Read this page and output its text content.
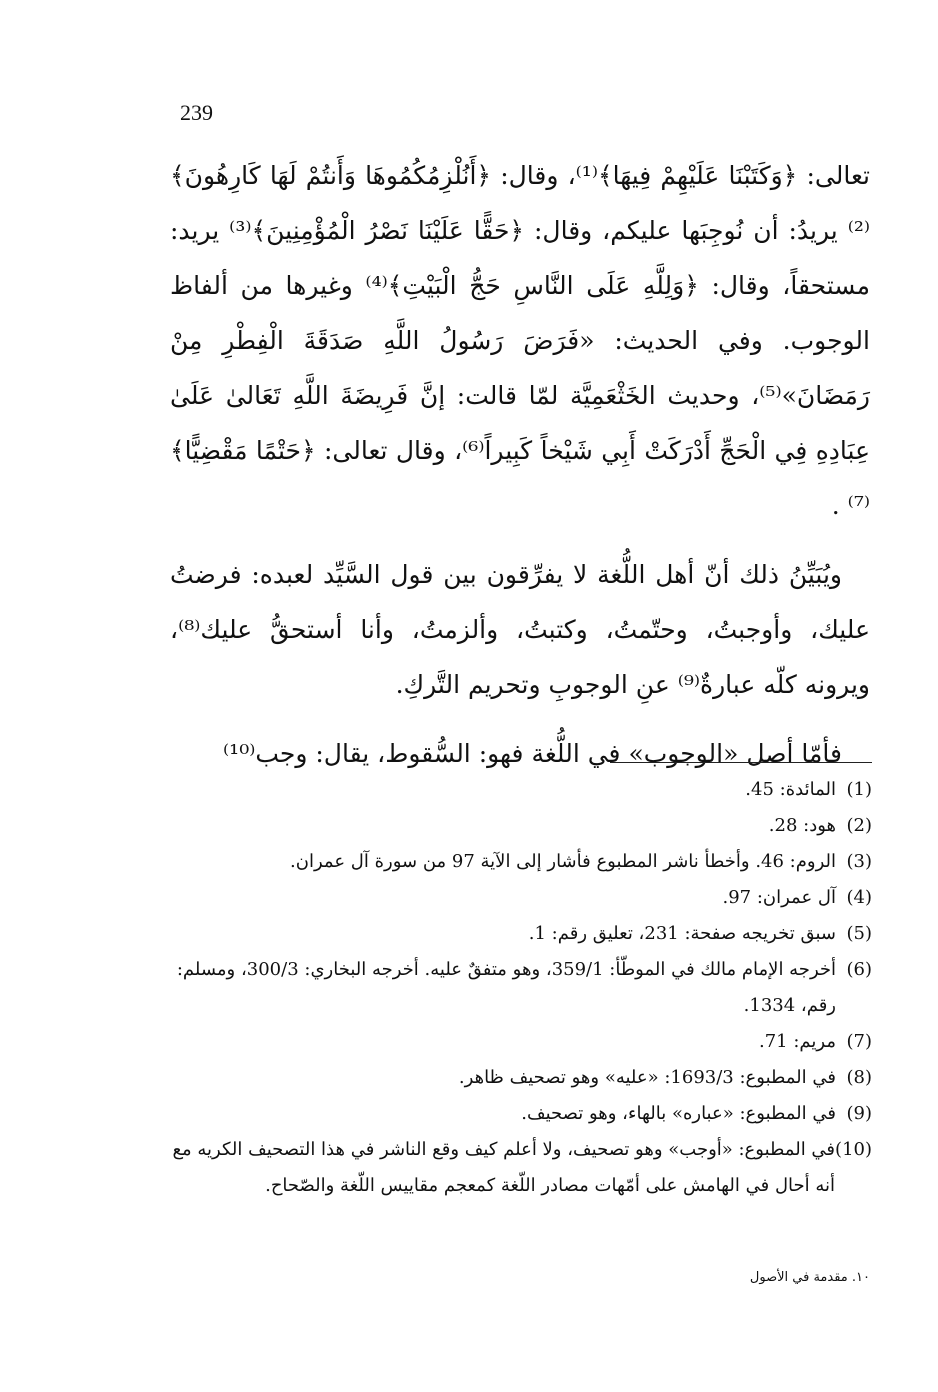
239

تعالى: ﴿وَكَتَبْنَا عَلَيْهِمْ فِيهَا﴾⁽¹⁾، وقال: ﴿أَنُلْزِمُكُمُوهَا وَأَنتُمْ لَهَا كَارِهُونَ﴾⁽²⁾ يريدُ: أن نُوجِبَها عليكم، وقال: ﴿حَقًّا عَلَيْنَا نَصْرُ الْمُؤْمِنِينَ﴾⁽³⁾ يريد: مستحقاً، وقال: ﴿وَلِلَّهِ عَلَى النَّاسِ حَجُّ الْبَيْتِ﴾⁽⁴⁾ وغيرها من ألفاظ الوجوب. وفي الحديث: «فَرَضَ رَسُولُ اللَّهِ صَدَقَةَ الْفِطْرِ مِنْ رَمَضَانَ»⁽⁵⁾، وحديث الخَثْعَمِيَّة لمّا قالت: إنَّ فَرِيضَةَ اللَّهِ تَعَالىٰ عَلَىٰ عِبَادِهِ فِي الْحَجِّ أَدْرَكَتْ أَبِي شَيْخاً كَبِيراً⁽⁶⁾، وقال تعالى: ﴿حَتْمًا مَقْضِيًّا﴾⁽⁷⁾ .

ويُبَيِّنُ ذلك أنّ أهل اللُّغة لا يفرِّقون بين قول السَّيِّد لعبده: فرضتُ عليك، وأوجبتُ، وحتّمتُ، وكتبتُ، وألزمتُ، وأنا أستحقُّ عليك⁽⁸⁾، ويرونه كلّه عبارةٌ⁽⁹⁾ عنِ الوجوبِ وتحريم التَّركِ.

فأمّا أصل «الوجوب» في اللُّغة فهو: السُّقوط، يقال: وجب⁽¹⁰⁾

(1)
المائدة: 45.
(2)
هود: 28.
(3)
الروم: 46. وأخطأ ناشر المطبوع فأشار إلى الآية 97 من سورة آل عمران.
(4)
آل عمران: 97.
(5)
سبق تخريجه صفحة: 231، تعليق رقم: 1.
(6)
أخرجه الإمام مالك في الموطّأ: 359/1، وهو متفقٌ عليه. أخرجه البخاري: 300/3، ومسلم: رقم، 1334.
(7)
مريم: 71.
(8)
في المطبوع: 1693/3: «عليه» وهو تصحيف ظاهر.
(9)
في المطبوع: «عباره» بالهاء، وهو تصحيف.
(10)
في المطبوع: «أوجب» وهو تصحيف، ولا أعلم كيف وقع الناشر في هذا التصحيف الكريه مع أنه أحال في الهامش على أمّهات مصادر اللّغة كمعجم مقاييس اللّغة والصّحاح.
١٠. مقدمة في الأصول
